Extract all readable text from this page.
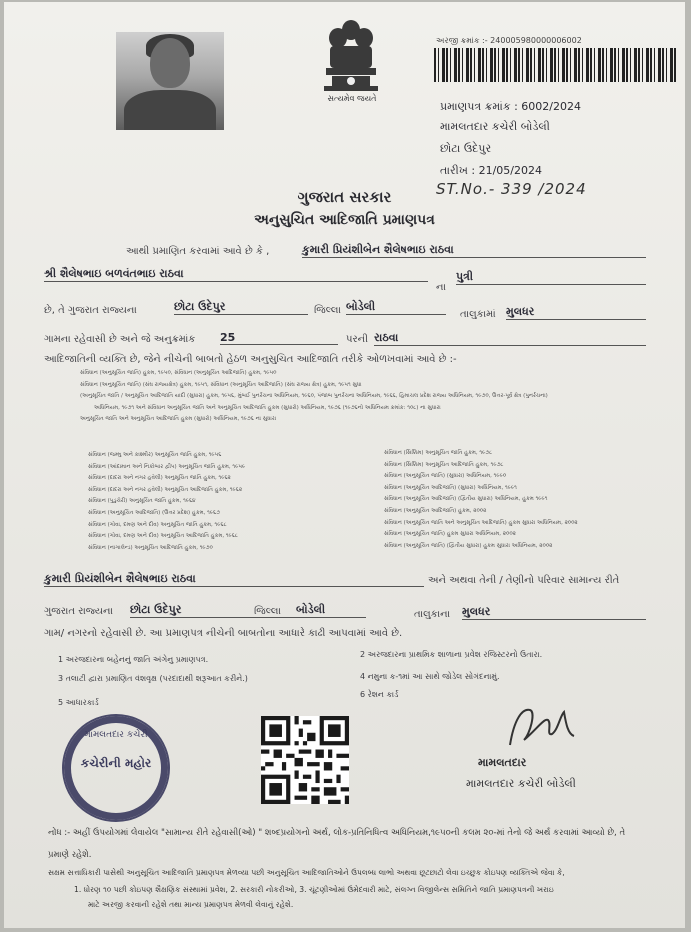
સત્યમેવ જયતે
અરજી ક્રમાંક :- 240005980000006002
પ્રમાણપત્ર ક્રમાંક : 6002/2024
મામલતદાર કચેરી બોડેલી
છોટા ઉદેપુર
તારીખ : 21/05/2024
ST.No.- 339 /2024
ગુજરાત સરકાર
અનુસુચિત આદિજાતિ પ્રમાણપત્ર
આથી પ્રમાણિત કરવામાં આવે છે કે ,	કુમારી પ્રિયંશીબેન શૈલેષભાઇ રાઠવા
શ્રી શૈલેષભાઇ બળવંતભાઇ રાઠવા
ના
પુત્રી
છે, તે ગુજરાત રાજ્યના	છોટા ઉદેપુર	જિલ્લા બોડેલી
તાલુકામાં મુલધર
ગામના રહેવાસી છે અને જે અનુક્રમાંક 25	પરની રાઠવા
આદિજાતિની વ્યક્તિ છે, જેને નીચેની બાબતો હેઠળ અનુસુચિત આદિજાતિ તરીકે ઓળખવામાં આવે છે :-
સંવિધાન (અનુસૂચિત જાતિ) હુકમ, ૧૯૫૦, સંવિધાન (અનુસૂચિત આદિજાતિ) હુકમ, ૧૯૫૦
સંવિધાન (અનુસૂચિત જાતિ) (સંઘ રાજ્યક્ષેત્ર) હુકમ, ૧૯૫૧, સંવિધાન (અનુસૂચિત આદિજાતિ) (સંઘ રાજ્ય ક્ષેત્ર) હુકમ, ૧૯૫૧ સુધા
(અનુસૂચિત જાતિ / અનુસૂચિત આદિજાતિ યાદી (સુધારા) હુકમ, ૧૯૫૬, મુંબઈ પુનર્રચના અધિનિયમ, ૧૯૬૦, પંજાબ પુનર્રચના અધિનિયમ, ૧૯૬૬, હિમાચલ પ્રદેશ રાજ્ય અધિનિયમ, ૧૯૭૦, ઉત્તર-પૂર્વ ક્ષેત્ર (પુનર્રચના)
અધિનિયમ, ૧૯૭૧ અને સંવિધાન અનુસૂચિત જાતિ અને અનુસૂચિત આદિજાતિ હુકમ (સુધારો) અધિનિયમ, ૧૯૭૬ (૧૯૭૬નો અધિનિયમ ક્રમાંક: ૧૦૮) ના સુધારા
અનુસૂચિત જાતિ અને અનુસૂચિત આદિજાતિ હુકમ (સુધારો) અધિનિયમ, ૧૯૭૬ ના સુધારા
સંવિધાન (જમ્મુ અને કાશ્મીર) અનુસૂચિત જાતિ હુકમ, ૧૯૫૬
સંવિધાન (આંદામાન અને નિકોબાર દ્વીપ) અનુસૂચિત જાતિ હુકમ, ૧૯૫૯
સંવિધાન (દાદરા અને નગર હવેલી) અનુસૂચિત જાતિ હુકમ, ૧૯૬૨
સંવિધાન (દાદરા અને નગર હવેલી) અનુસૂચિત આદિજાતિ હુકમ, ૧૯૬૨
સંવિધાન (પુડુચેરી) અનુસૂચિત જાતિ હુકમ, ૧૯૬૪
સંવિધાન (અનુસૂચિત આદિજાતિ) (ઉત્તર પ્રદેશ) હુકમ, ૧૯૬૭
સંવિધાન (ગોવા, દમણ અને દીવ) અનુસૂચિત જાતિ હુકમ, ૧૯૬૮
સંવિધાન (ગોવા, દમણ અને દીવ) અનુસૂચિત આદિજાતિ હુકમ, ૧૯૬૮
સંવિધાન (નાગાલેન્ડ) અનુસૂચિત આદિજાતિ હુકમ, ૧૯૭૦
સંવિધાન (સિક્કિમ) અનુસૂચિત જાતિ હુકમ, ૧૯૭૮
સંવિધાન (સિક્કિમ) અનુસૂચિત આદિજાતિ હુકમ, ૧૯૭૮
સંવિધાન (અનુસૂચિત જાતિ) (સુધારા) અધિનિયમ, ૧૯૯૦
સંવિધાન (અનુસૂચિત આદિજાતિ) (સુધારા) અધિનિયમ, ૧૯૯૧
સંવિધાન (અનુસૂચિત આદિજાતિ) (દ્વિતીય સુધારા) અધિનિયમ, હુકમ ૧૯૯૧
સંવિધાન (અનુસૂચિત આદિજાતિ) હુકમ, ૨૦૦૨
સંવિધાન (અનુસૂચિત જાતિ અને અનુસૂચિત આદિજાતિ) હુકમ સુધારા અધિનિયમ, ૨૦૦૨
સંવિધાન (અનુસૂચિત જાતિ) હુકમ સુધારા અધિનિયમ, ૨૦૦૨
સંવિધાન (અનુસૂચિત જાતિ) (દ્વિતીય સુધારા) હુકમ સુધારા અધિનિયમ, ૨૦૦૨
કુમારી પ્રિયંશીબેન શૈલેષભાઇ રાઠવા	અને અથવા તેની / તેણીનો પરિવાર સામાન્ય રીતે
ગુજરાત રાજ્યના છોટા ઉદેપુર	જિલ્લા બોડેલી	તાલુકાના મુલધર
ગામ/ નગરનો રહેવાસી છે. આ પ્રમાણપત્ર નીચેની બાબતોના આધારે કાઢી આપવામાં આવે છે.
1 અરજદારના બહેનનું જાતિ અંગેનુ પ્રમાણપત્ર.
2 અરજદારના પ્રાથમિક શાળાના પ્રવેશ રજિસ્ટરનો ઉતારા.
3 તલાટી દ્વારા પ્રમાણિત વંશવૃક્ષ (પરદાદાથી શરૂઆત કરીને.)	4 નમુના ક-૧માં આ સાથે જોડેલ સોગંદનામું.
5 આધારકાર્ડ
6 રેશન કાર્ડ
મામલતદાર કચેરી
કચેરીની મહોર	મામલતદાર
મામલતદાર કચેરી બોડેલી
નોંધ :- અહીં ઉપયોગમાં લેવાયેલ "સામાન્ય રીતે રહેવાસી(ઓ) " શબ્દપ્રયોગનો અર્થ, લોક-પ્રતિનિધિત્વ અધિનિયમ,૧૯૫૦ની કલમ ૨૦-માં તેનો જે અર્થ કરવામાં આવ્યો છે, તે
પ્રમાણે રહેશે.
સક્ષમ સત્તાધિકારી પાસેથી અનુસૂચિત આદિજાતિ પ્રમાણપત્ર મેળવ્યા પછી અનુસૂચિત આદિજાતિઓને ઉપલબ્ધ લાભો અથવા છૂટછાટો લેવા ઇચ્છુક કોઇપણ વ્યક્તિએ જેવા કે,
1. ધોરણ ૧૦ પછી કોઇપણ શૈક્ષણિક સંસ્થામાં પ્રવેશ, 2. સરકારી નોકરીઓ, 3. ચૂંટણીઓમાં ઉમેદવારી માટે, સંલગ્ન વિજીલેન્સ સમિતિને જાતિ પ્રમાણપત્રની ખરાઇ
માટે અરજી કરવાની રહેશે તથા માન્ય પ્રમાણપત્ર મેળવી લેવાનું રહેશે.
